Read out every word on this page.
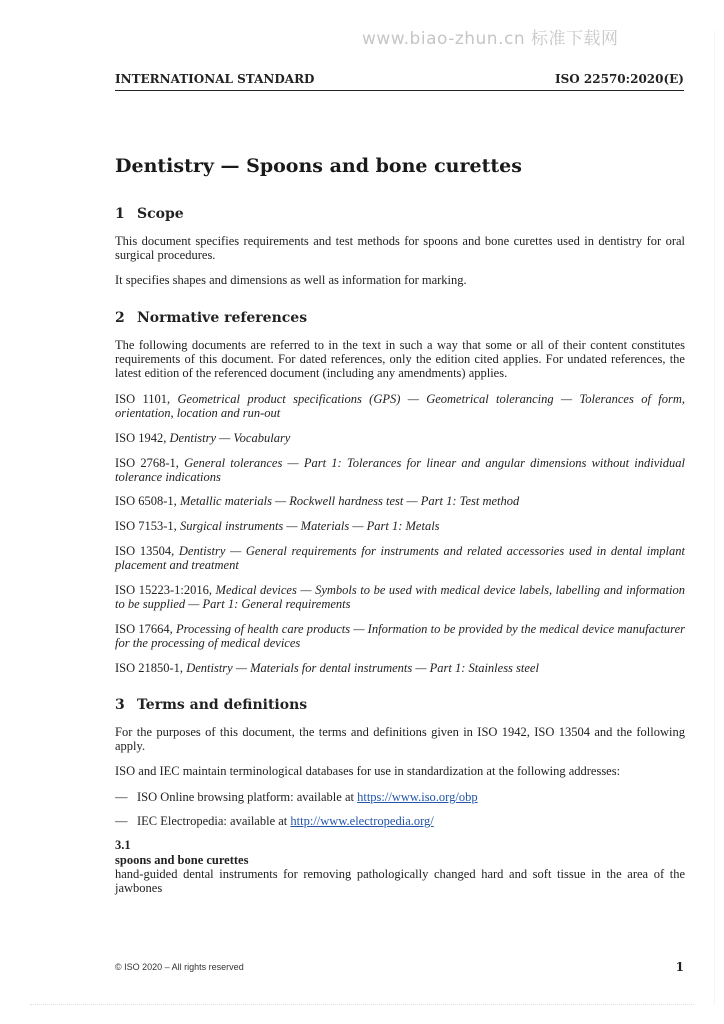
www.biao-zhun.cn 标准下载网
INTERNATIONAL STANDARD	ISO 22570:2020(E)
Dentistry — Spoons and bone curettes
1 Scope

This document specifies requirements and test methods for spoons and bone curettes used in dentistry for oral surgical procedures.

It specifies shapes and dimensions as well as information for marking.

2 Normative references

The following documents are referred to in the text in such a way that some or all of their content constitutes requirements of this document. For dated references, only the edition cited applies. For undated references, the latest edition of the referenced document (including any amendments) applies.

ISO 1101, Geometrical product specifications (GPS) — Geometrical tolerancing — Tolerances of form, orientation, location and run-out

ISO 1942, Dentistry — Vocabulary

ISO 2768-1, General tolerances — Part 1: Tolerances for linear and angular dimensions without individual tolerance indications

ISO 6508-1, Metallic materials — Rockwell hardness test — Part 1: Test method

ISO 7153-1, Surgical instruments — Materials — Part 1: Metals

ISO 13504, Dentistry — General requirements for instruments and related accessories used in dental implant placement and treatment

ISO 15223-1:2016, Medical devices — Symbols to be used with medical device labels, labelling and information to be supplied — Part 1: General requirements

ISO 17664, Processing of health care products — Information to be provided by the medical device manufacturer for the processing of medical devices

ISO 21850-1, Dentistry — Materials for dental instruments — Part 1: Stainless steel

3 Terms and definitions

For the purposes of this document, the terms and definitions given in ISO 1942, ISO 13504 and the following apply.

ISO and IEC maintain terminological databases for use in standardization at the following addresses:

— ISO Online browsing platform: available at https://www.iso.org/obp

— IEC Electropedia: available at http://www.electropedia.org/

3.1
spoons and bone curettes

hand-guided dental instruments for removing pathologically changed hard and soft tissue in the area of the jawbones

© ISO 2020 – All rights reserved	1
